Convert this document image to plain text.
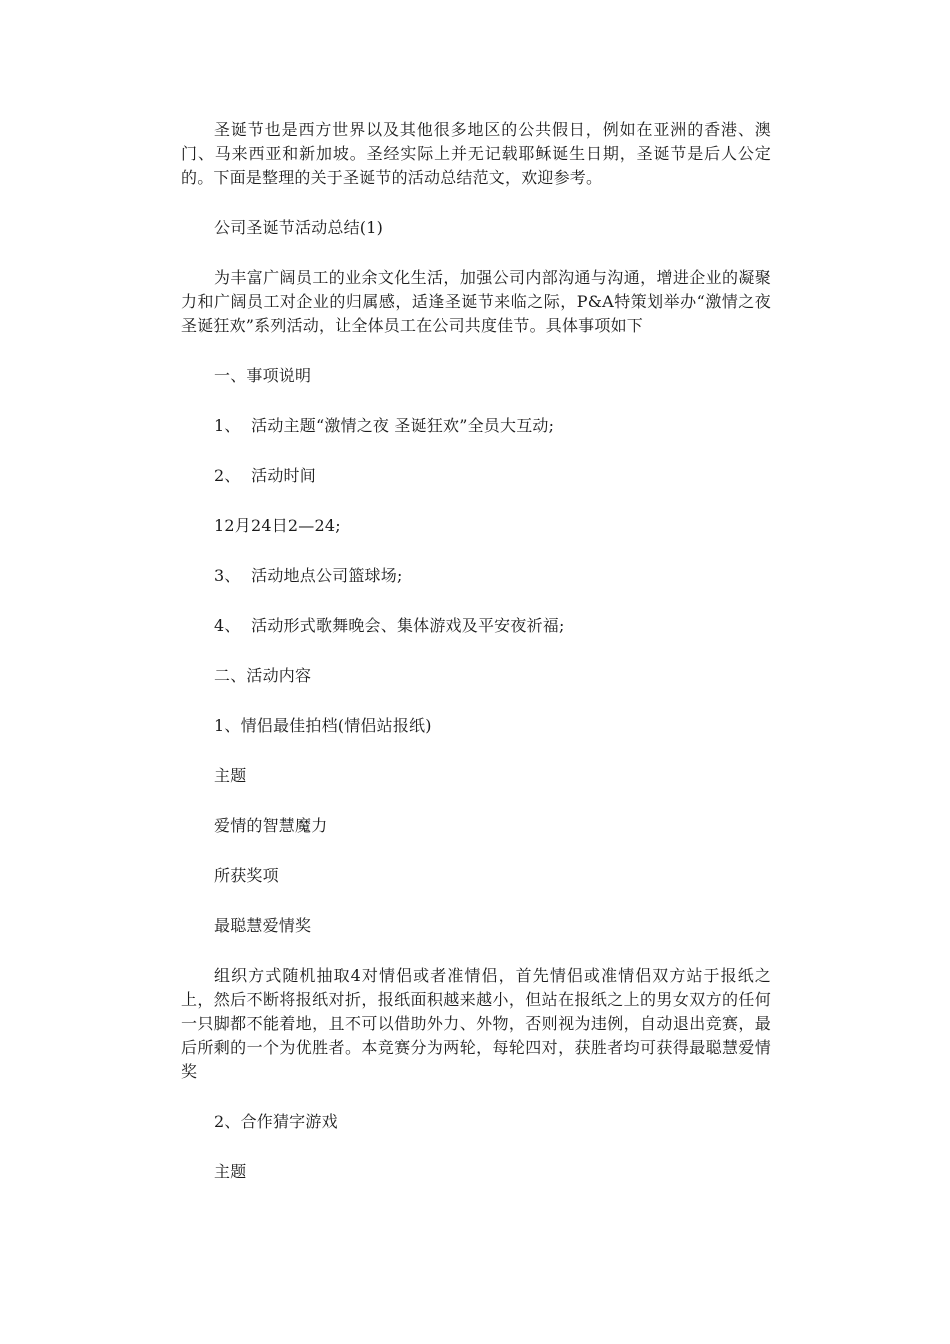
圣诞节也是西方世界以及其他很多地区的公共假日，例如在亚洲的香港、澳门、马来西亚和新加坡。圣经实际上并无记载耶稣诞生日期，圣诞节是后人公定的。下面是整理的关于圣诞节的活动总结范文，欢迎参考。

公司圣诞节活动总结(1)

为丰富广阔员工的业余文化生活，加强公司内部沟通与沟通，增进企业的凝聚力和广阔员工对企业的归属感，适逢圣诞节来临之际，P&A特策划举办“激情之夜 圣诞狂欢”系列活动，让全体员工在公司共度佳节。具体事项如下

一、事项说明
1、  活动主题“激情之夜 圣诞狂欢”全员大互动;
2、  活动时间
12月24日2—24;
3、  活动地点公司篮球场;
4、  活动形式歌舞晚会、集体游戏及平安夜祈福;
二、活动内容
1、情侣最佳拍档(情侣站报纸)
主题
爱情的智慧魔力
所获奖项
最聪慧爱情奖

组织方式随机抽取4对情侣或者准情侣，首先情侣或准情侣双方站于报纸之上，然后不断将报纸对折，报纸面积越来越小，但站在报纸之上的男女双方的任何一只脚都不能着地，且不可以借助外力、外物，否则视为违例，自动退出竞赛，最后所剩的一个为优胜者。本竞赛分为两轮，每轮四对，获胜者均可获得最聪慧爱情奖

2、合作猜字游戏
主题
